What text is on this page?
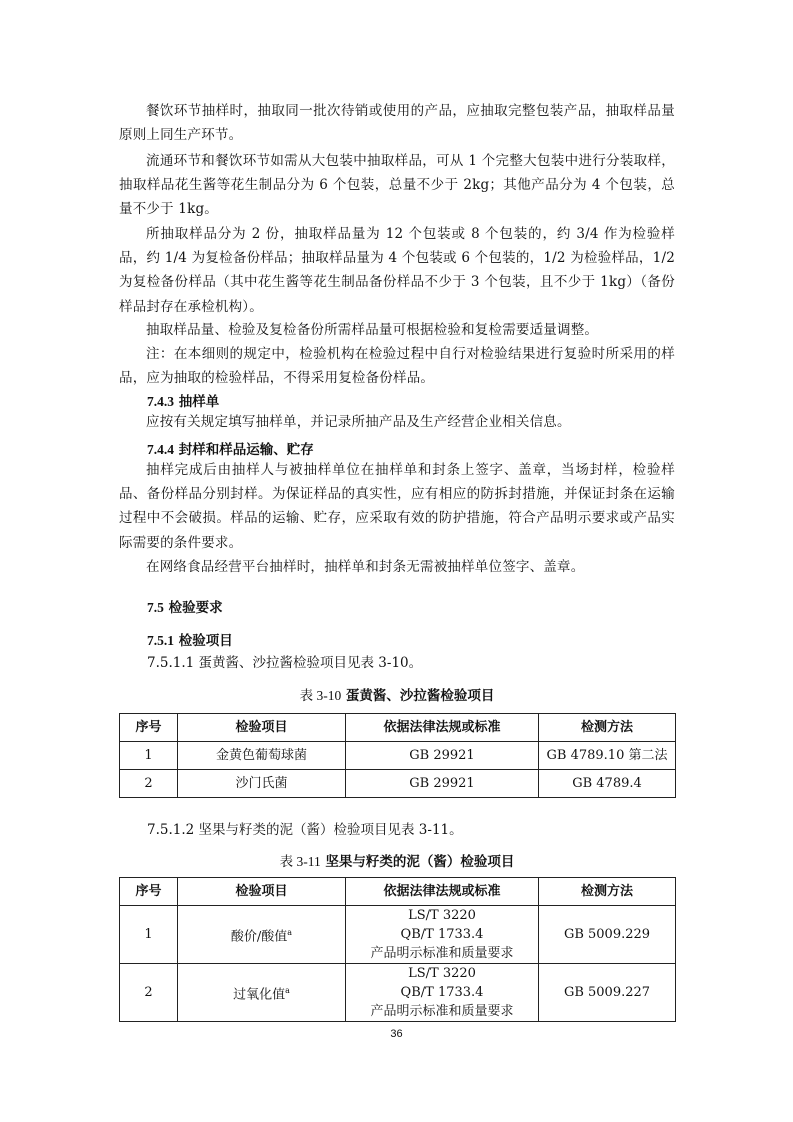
餐饮环节抽样时，抽取同一批次待销或使用的产品，应抽取完整包装产品，抽取样品量原则上同生产环节。

流通环节和餐饮环节如需从大包装中抽取样品，可从 1 个完整大包装中进行分装取样，抽取样品花生酱等花生制品分为 6 个包装，总量不少于 2kg；其他产品分为 4 个包装，总量不少于 1kg。

所抽取样品分为 2 份，抽取样品量为 12 个包装或 8 个包装的，约 3/4 作为检验样品，约 1/4 为复检备份样品；抽取样品量为 4 个包装或 6 个包装的，1/2 为检验样品，1/2 为复检备份样品（其中花生酱等花生制品备份样品不少于 3 个包装，且不少于 1kg）（备份样品封存在承检机构）。

抽取样品量、检验及复检备份所需样品量可根据检验和复检需要适量调整。

注：在本细则的规定中，检验机构在检验过程中自行对检验结果进行复验时所采用的样品，应为抽取的检验样品，不得采用复检备份样品。

7.4.3 抽样单

应按有关规定填写抽样单，并记录所抽产品及生产经营企业相关信息。

7.4.4 封样和样品运输、贮存

抽样完成后由抽样人与被抽样单位在抽样单和封条上签字、盖章，当场封样，检验样品、备份样品分别封样。为保证样品的真实性，应有相应的防拆封措施，并保证封条在运输过程中不会破损。样品的运输、贮存，应采取有效的防护措施，符合产品明示要求或产品实际需要的条件要求。

在网络食品经营平台抽样时，抽样单和封条无需被抽样单位签字、盖章。

7.5 检验要求

7.5.1 检验项目

7.5.1.1 蛋黄酱、沙拉酱检验项目见表 3-10。

表 3-10 蛋黄酱、沙拉酱检验项目

序号	检验项目	依据法律法规或标准	检测方法
1	金黄色葡萄球菌	GB 29921	GB 4789.10 第二法
2	沙门氏菌	GB 29921	GB 4789.4

7.5.1.2 坚果与籽类的泥（酱）检验项目见表 3-11。

表 3-11 坚果与籽类的泥（酱）检验项目

序号	检验项目	依据法律法规或标准	检测方法
1	酸价/酸值$^a$	LS/T 3220
QB/T 1733.4
产品明示标准和质量要求	GB 5009.229
2	过氧化值$^a$	LS/T 3220
QB/T 1733.4
产品明示标准和质量要求	GB 5009.227
36
